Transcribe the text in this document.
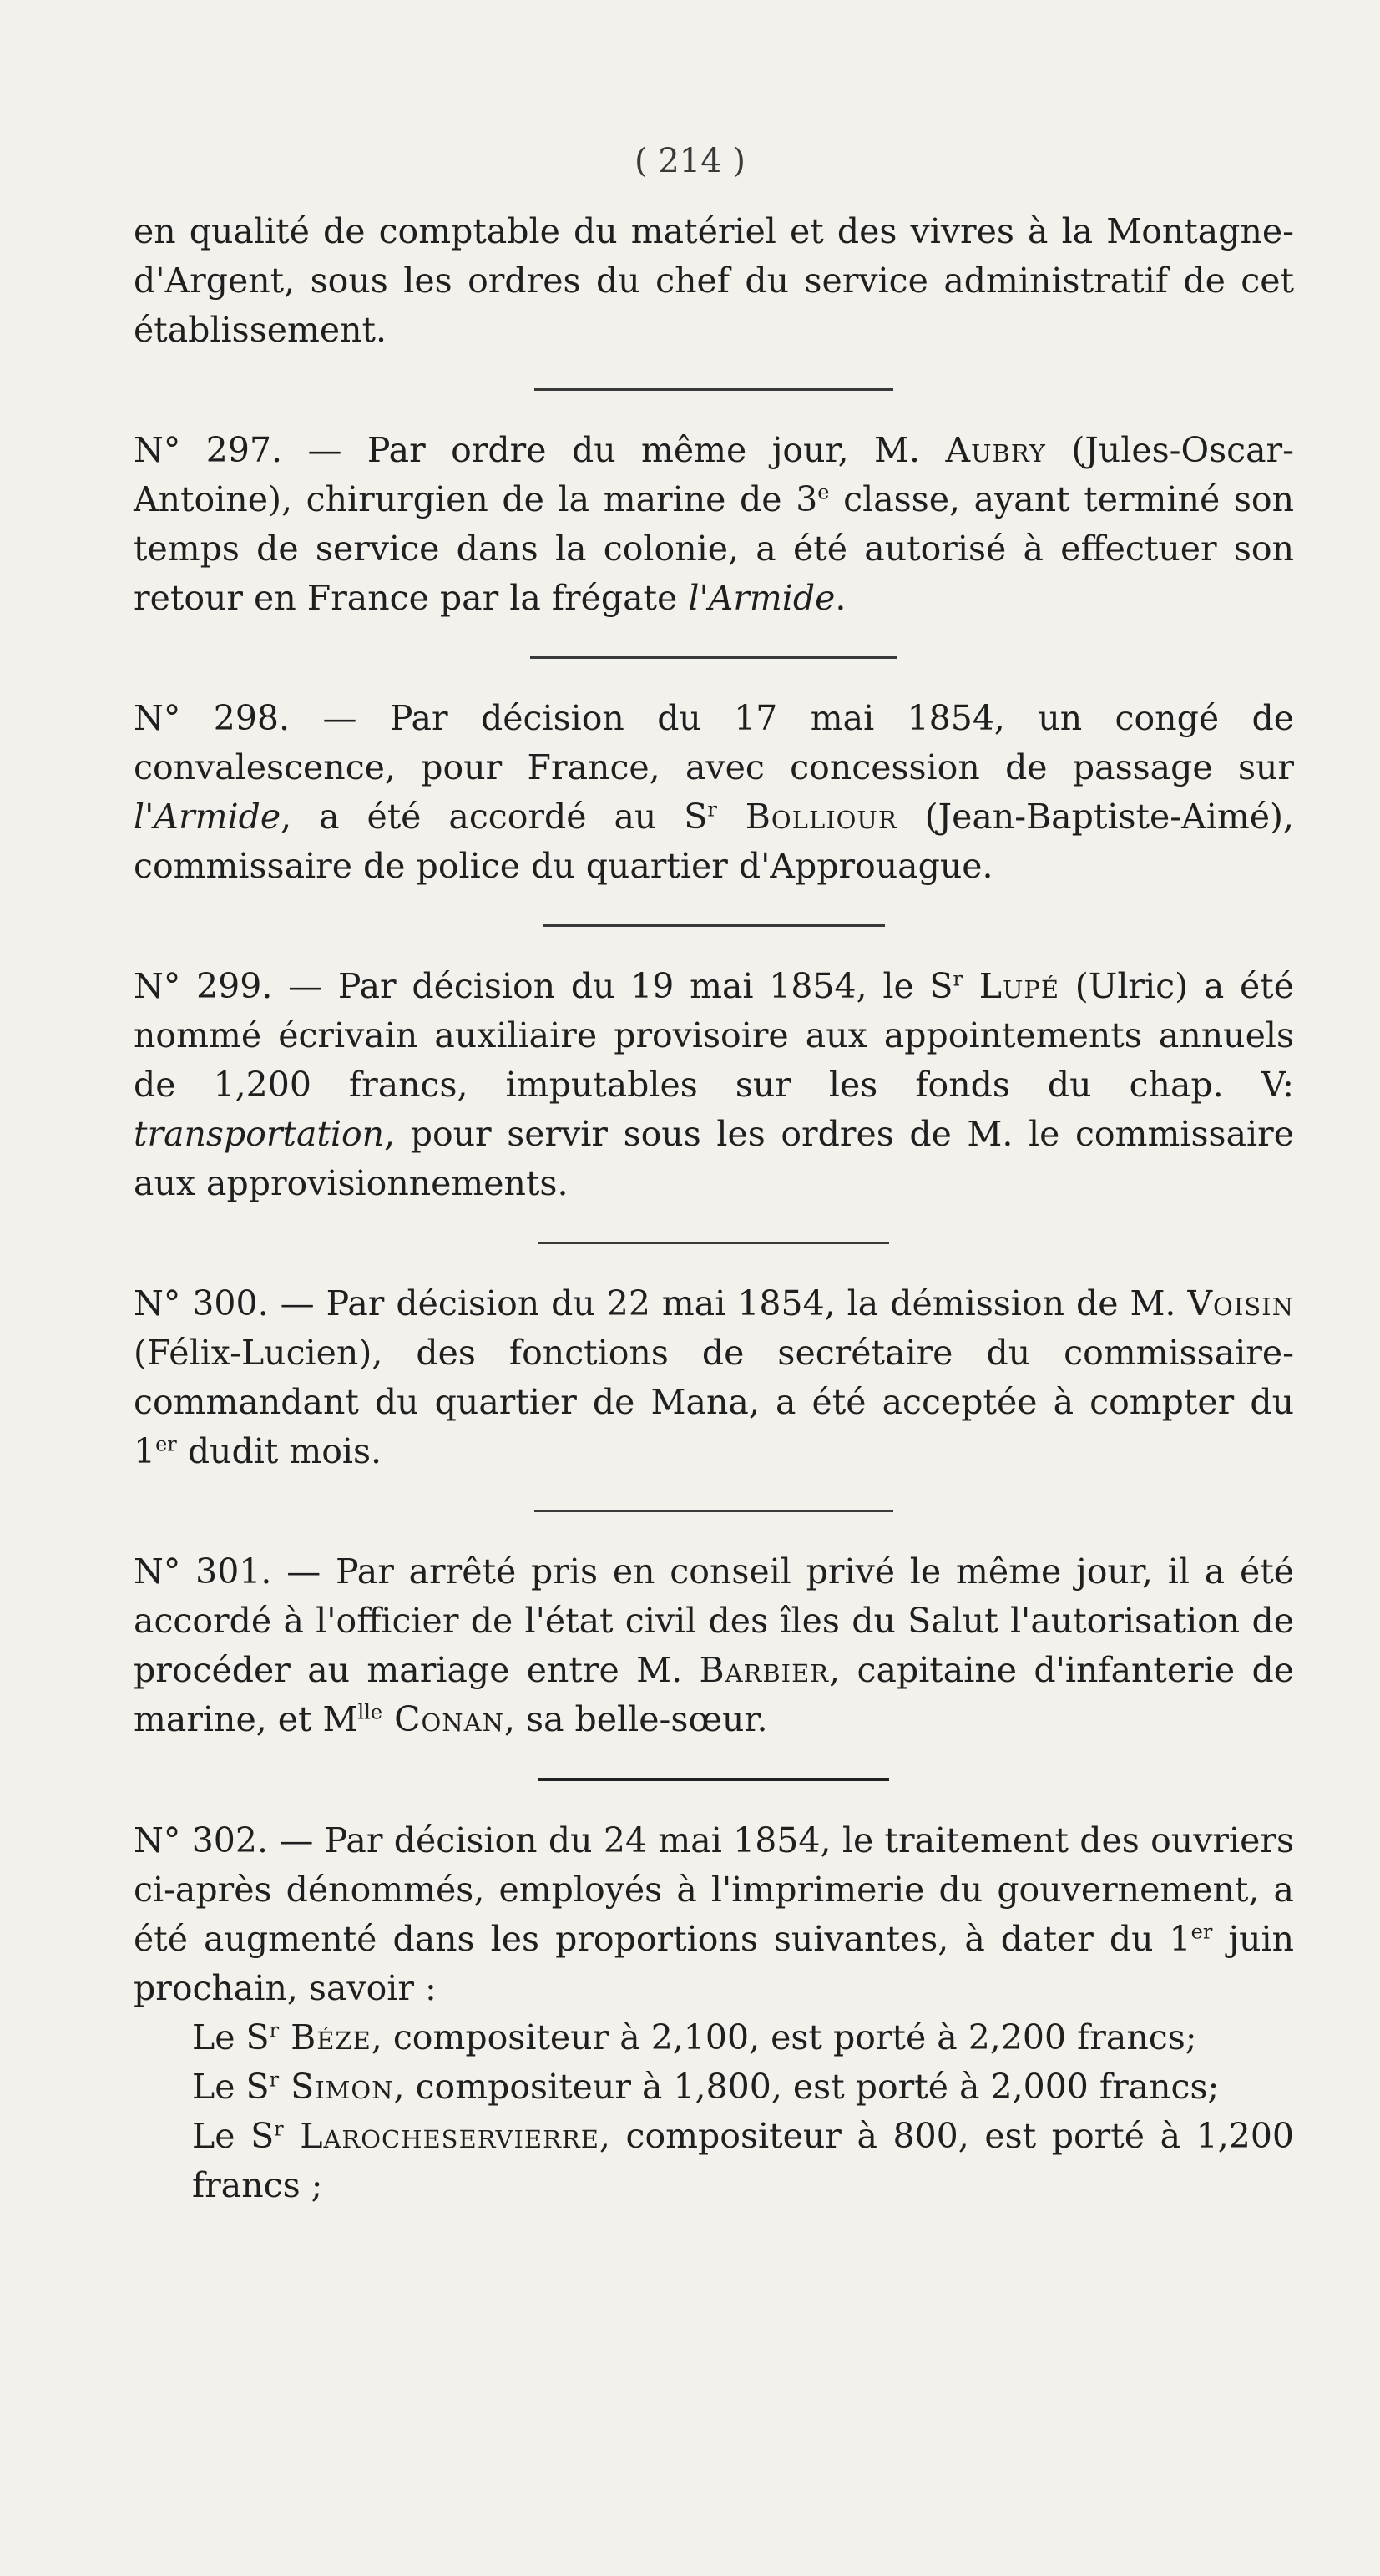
( 214 )

en qualité de comptable du matériel et des vivres à la Montagne-d'Argent, sous les ordres du chef du service administratif de cet établissement.

N° 297. — Par ordre du même jour, M. Aubry (Jules-Oscar-Antoine), chirurgien de la marine de 3e classe, ayant terminé son temps de service dans la colonie, a été autorisé à effectuer son retour en France par la frégate l'Armide.

N° 298. — Par décision du 17 mai 1854, un congé de convalescence, pour France, avec concession de passage sur l'Armide, a été accordé au $S^r$ Bolliour (Jean-Baptiste-Aimé), commissaire de police du quartier d'Approuague.

N° 299. — Par décision du 19 mai 1854, le $S^r$ Lupé (Ulric) a été nommé écrivain auxiliaire provisoire aux appointements annuels de 1,200 francs, imputables sur les fonds du chap. V: transportation, pour servir sous les ordres de M. le commissaire aux approvisionnements.

N° 300. — Par décision du 22 mai 1854, la démission de M. Voisin (Félix-Lucien), des fonctions de secrétaire du commissaire-commandant du quartier de Mana, a été acceptée à compter du 1er dudit mois.

N° 301. — Par arrêté pris en conseil privé le même jour, il a été accordé à l'officier de l'état civil des îles du Salut l'autorisation de procéder au mariage entre M. Barbier, capitaine d'infanterie de marine, et $M^{lle}$ Conan, sa belle-sœur.

N° 302. — Par décision du 24 mai 1854, le traitement des ouvriers ci-après dénommés, employés à l'imprimerie du gouvernement, a été augmenté dans les proportions suivantes, à dater du 1er juin prochain, savoir :

Le $S^r$ Béze, compositeur à 2,100, est porté à 2,200 francs;

Le $S^r$ Simon, compositeur à 1,800, est porté à 2,000 francs;

Le $S^r$ Larocheservierre, compositeur à 800, est porté à 1,200 francs ;
